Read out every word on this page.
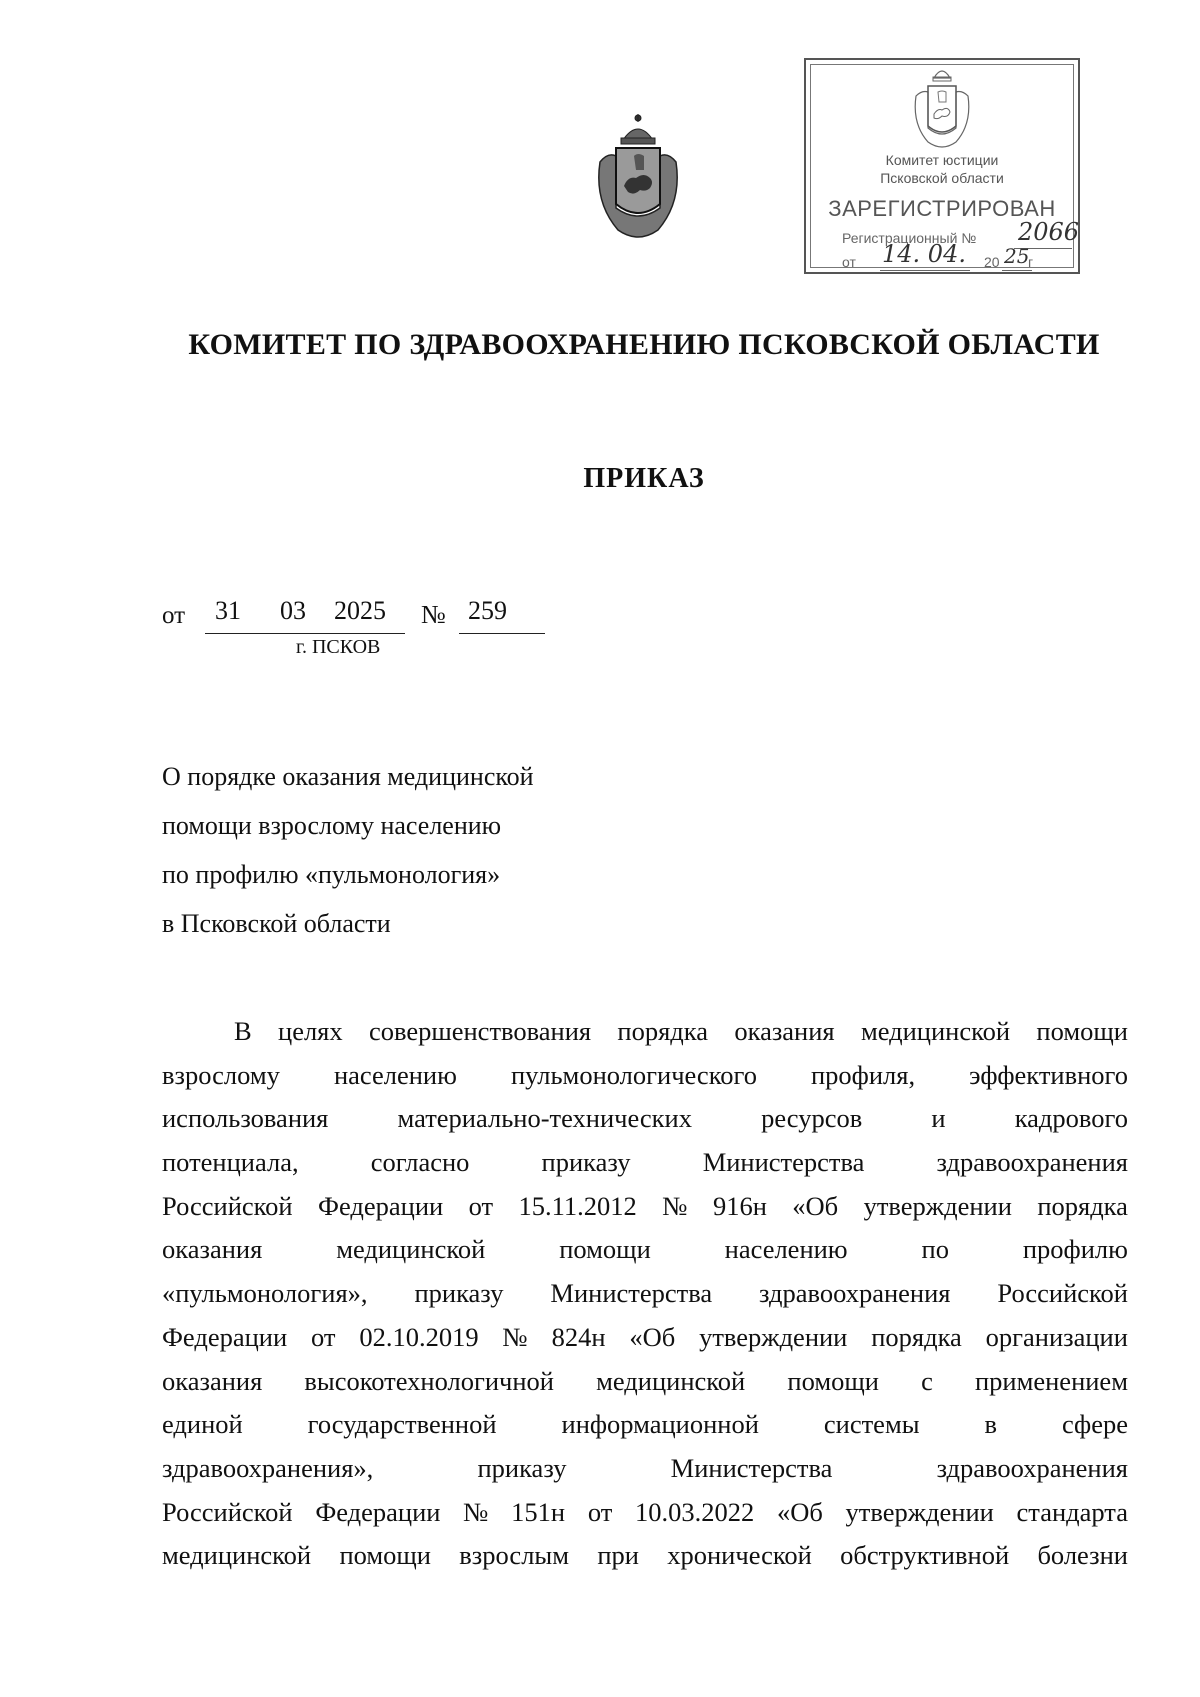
Комитет юстиции
Псковской области
ЗАРЕГИСТРИРОВАН
Регистрационный № 2066
от 14. 04. 20 25
г
КОМИТЕТ ПО ЗДРАВООХРАНЕНИЮ ПСКОВСКОЙ ОБЛАСТИ
ПРИКАЗ
от 31 03 2025 № 259
г. ПСКОВ
О порядке оказания медицинской
помощи взрослому населению
по профилю «пульмонология»
в Псковской области
В целях совершенствования порядка оказания медицинской помощи
взрослому населению пульмонологического профиля, эффективного
использования	материально-технических	ресурсов	и	кадрового
потенциала,	согласно	приказу	Министерства	здравоохранения
Российской Федерации от 15.11.2012 № 916н «Об утверждении порядка
оказания	медицинской	помощи	населению	по	профилю
«пульмонология», приказу Министерства здравоохранения Российской
Федерации от 02.10.2019 № 824н «Об утверждении порядка организации
оказания высокотехнологичной медицинской помощи с применением
единой государственной информационной системы в сфере
здравоохранения»,	приказу	Министерства	здравоохранения
Российской Федерации № 151н от 10.03.2022 «Об утверждении стандарта
медицинской помощи взрослым при хронической обструктивной болезни
